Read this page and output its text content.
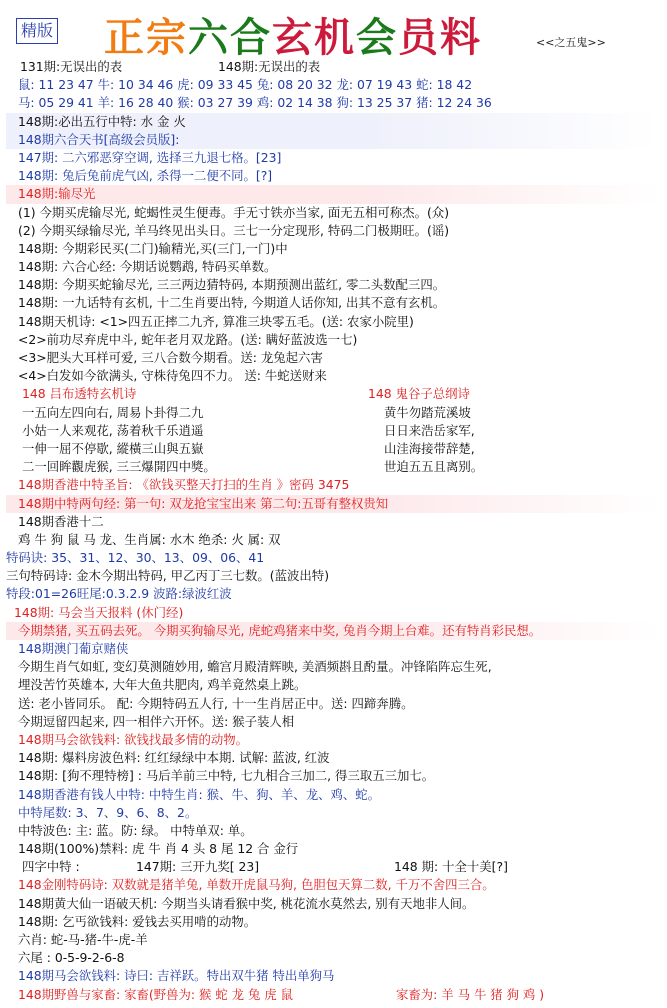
精版 正宗六合玄机会员料	<<之五鬼>>
131期:无误出的表	148期:无误出的表
鼠: 11 23 47 牛: 10 34 46 虎: 09 33 45 兔: 08 20 32 龙: 07 19 43 蛇: 18 42
马: 05 29 41 羊: 16 28 40 猴: 03 27 39 鸡: 02 14 38 狗: 13 25 37 猪: 12 24 36
148期:必出五行中特: 水 金 火
148期六合天书[高级会员版]:
147期: 二六邪恶穿空调, 选择三九退七格。[23]
148期: 兔后兔前虎气凶, 杀得一二便不同。[?]
148期:输尽光
(1) 今期买虎输尽光, 蛇蝎性灵生便毒。手无寸铁亦当家, 面无五相可称杰。(众)
(2) 今期买绿输尽光, 羊马终见出头日。三七一分定现形, 特码二门极期旺。(谣)
148期: 今期彩民买(二门)输精光,买(三门,一门)中
148期: 六合心经: 今期话说鹦鹉, 特码买单数。
148期: 今期买蛇输尽光, 三三两边猜特码, 本期预测出蓝红, 零二头数配三四。
148期: 一九话特有玄机, 十二生肖要出特, 今期道人话你知, 出其不意有玄机。
148期天机诗: <1>四五正摔二九齐, 算准三块零五毛。(送: 农家小院里)
<2>前功尽弃虎中斗, 蛇年老月双龙路。(送: 瞒好蓝波选一七)
<3>肥头大耳样可爱, 三八合数今期看。送: 龙兔起六害
<4>白发如今欲满头, 守株待兔四不力。 送: 牛蛇送财来
148 吕布透特玄机诗	148 鬼谷子总纲诗
一五向左四向右, 周易卜卦得二九	黄牛勿踏荒溪坡
小姑一人来观花, 荡着秋千乐逍遥	日日来浩岳家军,
一伸一屈不停歇, 縱橫三山與五嶽	山洼海接带辞楚,
二一回眸觀虎猴, 三三爆開四中獎。	世迫五五且离别。
148期香港中特圣旨: 《欲钱买整天打扫的生肖 》密码 3475
148期中特两句经: 第一句: 双龙抢宝宝出来 第二句:五哥有整权贵知
148期香港十二
鸡 牛 狗 鼠 马 龙、生肖属: 水木 绝杀: 火 属: 双
特码诀: 35、31、12、30、13、09、06、41
三句特码诗: 金木今期出特码, 甲乙丙丁三七数。(蓝波出特)
特段:01=26旺尾:0.3.2.9 波路:绿波红波
148期: 马会当天报料 (休门经)
今期禁猪, 买五码去死。 今期买狗输尽光, 虎蛇鸡猪来中奖, 兔肖今期上台难。还有特肖彩民想。
148期澳门葡京赌侠
今期生肖气如虹, 变幻莫测随妙用, 蟾宫月殿清辉映, 美酒频斟且酌量。冲锋陷阵忘生死,
埋没苦竹英雄本, 大年大鱼共肥肉, 鸡羊竟然桌上跳。
送: 老小皆同乐。 配: 今期特码五人行, 十一生肖居正中。送: 四蹄奔腾。
今期逗留四起来, 四一相伴六开怀。送: 猴子装人相
148期马会欲钱料: 欲钱找最多情的动物。
148期: 爆料房波色料: 红红绿绿中本期. 试解: 蓝波, 红波
148期: [狗不理特榜] : 马后羊前三中特, 七九相合三加二, 得三取五三加七。
148期香港有钱人中特: 中特生肖: 猴、牛、狗、羊、龙、鸡、蛇。
中特尾数: 3、7、9、6、8、2。
中特波色: 主: 蓝。防: 绿。 中特单双: 单。
148期(100%)禁料: 虎 牛 肖 4 头 8 尾 12 合 金行
四字中特 :	147期: 三开九奖[ 23]	148 期: 十全十美[?]
148金刚特码诗: 双数就是猪羊兔, 单数开虎鼠马狗, 色胆包天算二数, 千万不舍四三合。
148期黄大仙一语破天机: 今期当头请看猴中奖, 桃花流水莫然去, 别有天地非人间。
148期: 乞丐欲钱料: 爱钱去买用啃的动物。
六肖: 蛇-马-猪-牛-虎-羊
六尾 : 0-5-9-2-6-8
148期马会欲钱料: 诗曰: 吉祥跃。特出双牛猪 特出单狗马
148期野兽与家畜: 家畜(野兽为: 猴 蛇 龙 兔 虎 鼠	家畜为: 羊 马 牛 猪 狗 鸡 )
